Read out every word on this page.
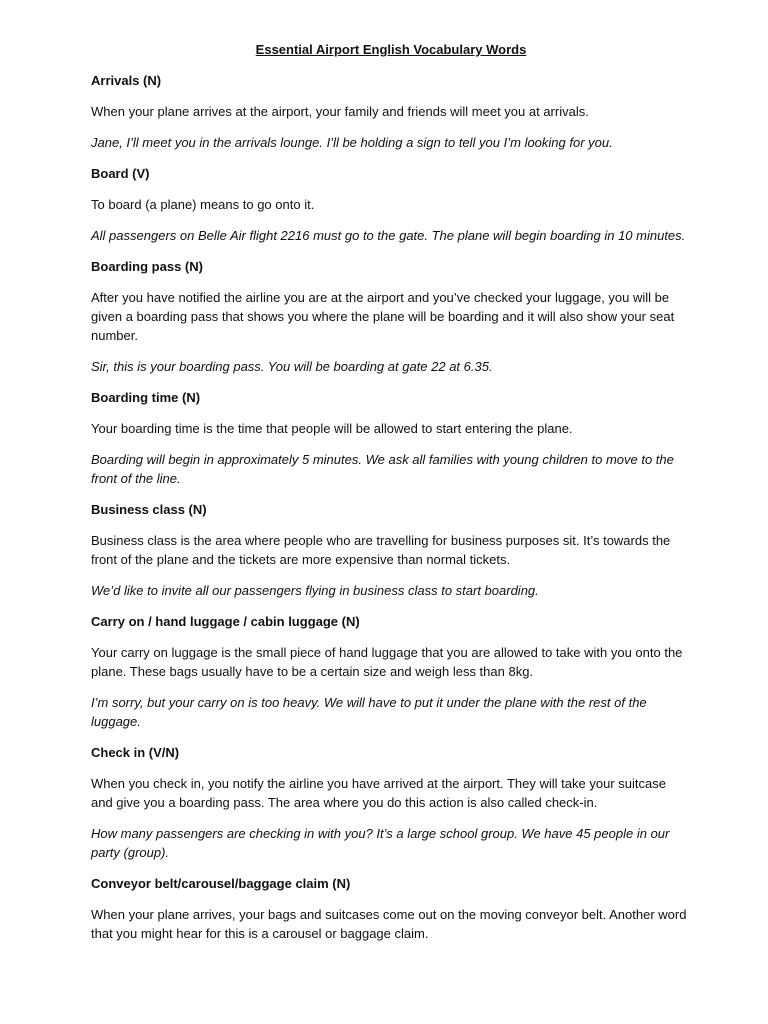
Essential Airport English Vocabulary Words

Arrivals (N)

When your plane arrives at the airport, your family and friends will meet you at arrivals.

Jane, I’ll meet you in the arrivals lounge. I’ll be holding a sign to tell you I’m looking for you.

Board (V)

To board (a plane) means to go onto it.

All passengers on Belle Air flight 2216 must go to the gate. The plane will begin boarding in 10 minutes.

Boarding pass (N)

After you have notified the airline you are at the airport and you’ve checked your luggage, you will be given a boarding pass that shows you where the plane will be boarding and it will also show your seat number.

Sir, this is your boarding pass. You will be boarding at gate 22 at 6.35.

Boarding time (N)

Your boarding time is the time that people will be allowed to start entering the plane.

Boarding will begin in approximately 5 minutes. We ask all families with young children to move to the front of the line.

Business class (N)

Business class is the area where people who are travelling for business purposes sit. It’s towards the front of the plane and the tickets are more expensive than normal tickets.

We’d like to invite all our passengers flying in business class to start boarding.

Carry on / hand luggage / cabin luggage (N)

Your carry on luggage is the small piece of hand luggage that you are allowed to take with you onto the plane. These bags usually have to be a certain size and weigh less than 8kg.

I’m sorry, but your carry on is too heavy. We will have to put it under the plane with the rest of the luggage.

Check in (V/N)

When you check in, you notify the airline you have arrived at the airport. They will take your suitcase and give you a boarding pass. The area where you do this action is also called check-in.

How many passengers are checking in with you? It’s a large school group. We have 45 people in our party (group).

Conveyor belt/carousel/baggage claim (N)

When your plane arrives, your bags and suitcases come out on the moving conveyor belt. Another word that you might hear for this is a carousel or baggage claim.
